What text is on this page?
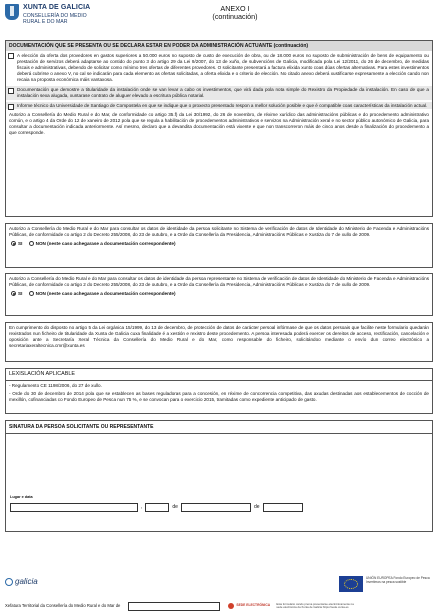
XUNTA DE GALICIA
CONSELLERÍA DO MEDIO RURAL E DO MAR
ANEXO I
(continuación)
DOCUMENTACIÓN QUE SE PRESENTA OU SE DECLARA ESTAR EN PODER DA ADMINISTRACIÓN ACTUANTE (continuación)
A elección da oferta dos provedores en gastos superiores a 50.000 euros no suposto de custo de execución de obra, ou de 18.000 euros no suposto de subministración de bens de equipamento ou prestación de servizos deberá adaptarse ao contido do punto 3 do artigo 29 da Lei 9/2007, do 13 de xuño, de subvencións de Galicia, modificada pola Lei 12/2011, do 26 de decembro, de medidas fiscais e administrativas, debendo de solicitar como mínimo tres ofertas de diferentes provedores. O solicitante presentará a factura elixida xunto coas dúas ofertas alternativas. Para estes investimentos deberá cubrirse o anexo V, no cal se indicarán para cada elemento as ofertas solicitadas, a oferta elixida e o criterio de elección. No citado anexo deberá xustificarse expresamente a elección cando non recaia na proposta económica máis vantaxosa.
Documentación que demostre a titularidade da instalación onde se van levar a cabo os investimentos, que virá dada pola nota simple do Rexistro da Propiedade da instalación. En caso de que a instalación sexa alugada, xuntarase contrato de aluguer elevado a escritura pública notarial.
Informe técnico da Universidade de Santiago de Compostela en que se indique que o proxecto presentado respon a mellor solución posible e que é compatible coas características da instalación actual.
Autorizo a Consellería do Medio Rural e do Mar, de conformidade co artigo 35.f) da Lei 30/1992, do 26 de novembro, de réxime xurídico das administracións públicas e do procedemento administrativo común, e o artigo 4 da Orde do 12 de xaneiro de 2012 pola que se regula a habilitación de procedementos administrativos e servizos na Administración xeral e no sector público autonómico de Galicia, para consultar a documentación indicada anteriormente. Así mesmo, declaro que a devandita documentación está vixente e que non transcorreron máis de cinco anos desde a finalización do procedemento a que corresponde.
Autorizo a Consellería do Medio Rural e do Mar para consultar os datos de identidade da persoa solicitante no Sistema de verificación de datos de Identidade do Ministerio de Facenda e Administracións Públicas, de conformidade co artigo 2 do Decreto 255/2008, do 23 de outubro, e a Orde da Consellería da Presidencia, Administracións Públicas e Xustiza do 7 de xullo de 2009.
SI
	NON (neste caso achegarase a documentación correspondente)
Autorizo a Consellería do Medio Rural e do Mar para consultar os datos de identidade da persoa representante no Sistema de verificación de datos de Identidade do Ministerio de Facenda e Administracións Públicas, de conformidade co artigo 2 do Decreto 255/2008, do 23 de outubro, e a Orde da Consellería da Presidencia, Administracións Públicas e Xustiza do 7 de xullo de 2009.
SI
	NON (neste caso achegarase a documentación correspondente)
En cumprimento do disposto no artigo 5 da Lei orgánica 15/1999, do 13 de decembro, de protección de datos de carácter persoal infórmase de que os datos persoais que facilite neste formulario quedarán rexistrados nun ficheiro de titularidade da Xunta de Galicia cuxa finalidade é a xestión e rexistro deste procedemento. A persoa interesada poderá exercer os dereitos de acceso, rectificación, cancelación e oposición ante a Secretaría Xeral Técnica da Consellería do Medio Rural e do Mar, como responsable do ficheiro, solicitándoo mediante o envío dun correo electrónico a secretariaxeraltecnica.cmr@xunta.es
LEXISLACIÓN APLICABLE
- Regulamento CE 1198/2006, do 27 de xullo.
- Orde do 30 de decembro de 2014 pola que se establecen as bases reguladoras para a concesión, en réxime de concorrencia competitiva, das axudas destinadas aos establecementos de cocción de mexillón, cofinanciadas co Fondo Europeo de Pesca nun 75 %, e se convocan para o exercicio 2015, tramitadas como expediente anticipado de gasto.
SINATURA DA PERSOA SOLICITANTE OU REPRESENTANTE
Lugar e data
,	de	de
galicia	UNIÓN EUROPEA Fondo Europeo de Pesca Invertimos na pesca sostible
Xefatura Territorial da Consellería do Medio Rural e do Mar de	SEDE ELECTRÓNICA	Esta formulario cando prema presentarse electrónicamente na sede electrónica da Xunta de Galicia https://sede.xunta.es
